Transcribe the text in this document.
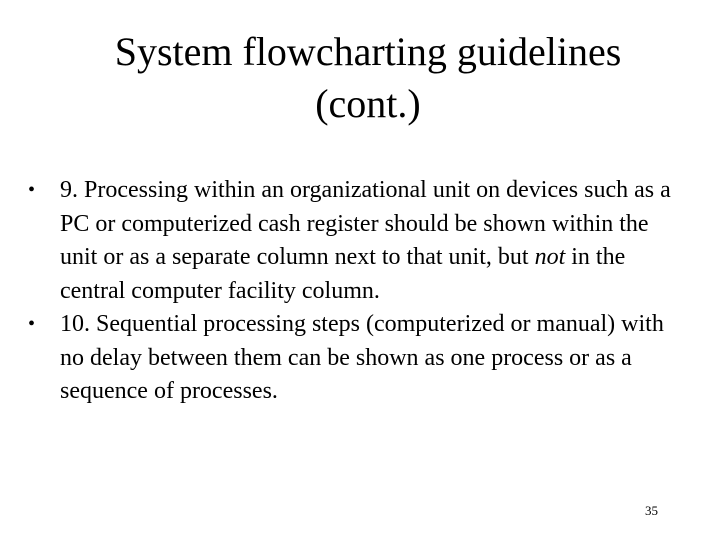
System flowcharting guidelines
(cont.)
•	9. Processing within an organizational unit on devices such as a PC or computerized cash register should be shown within the unit or as a separate column next to that unit, but not in the central computer facility column.
•	10. Sequential processing steps (computerized or manual) with no delay between them can be shown as one process or as a sequence of processes.
35
